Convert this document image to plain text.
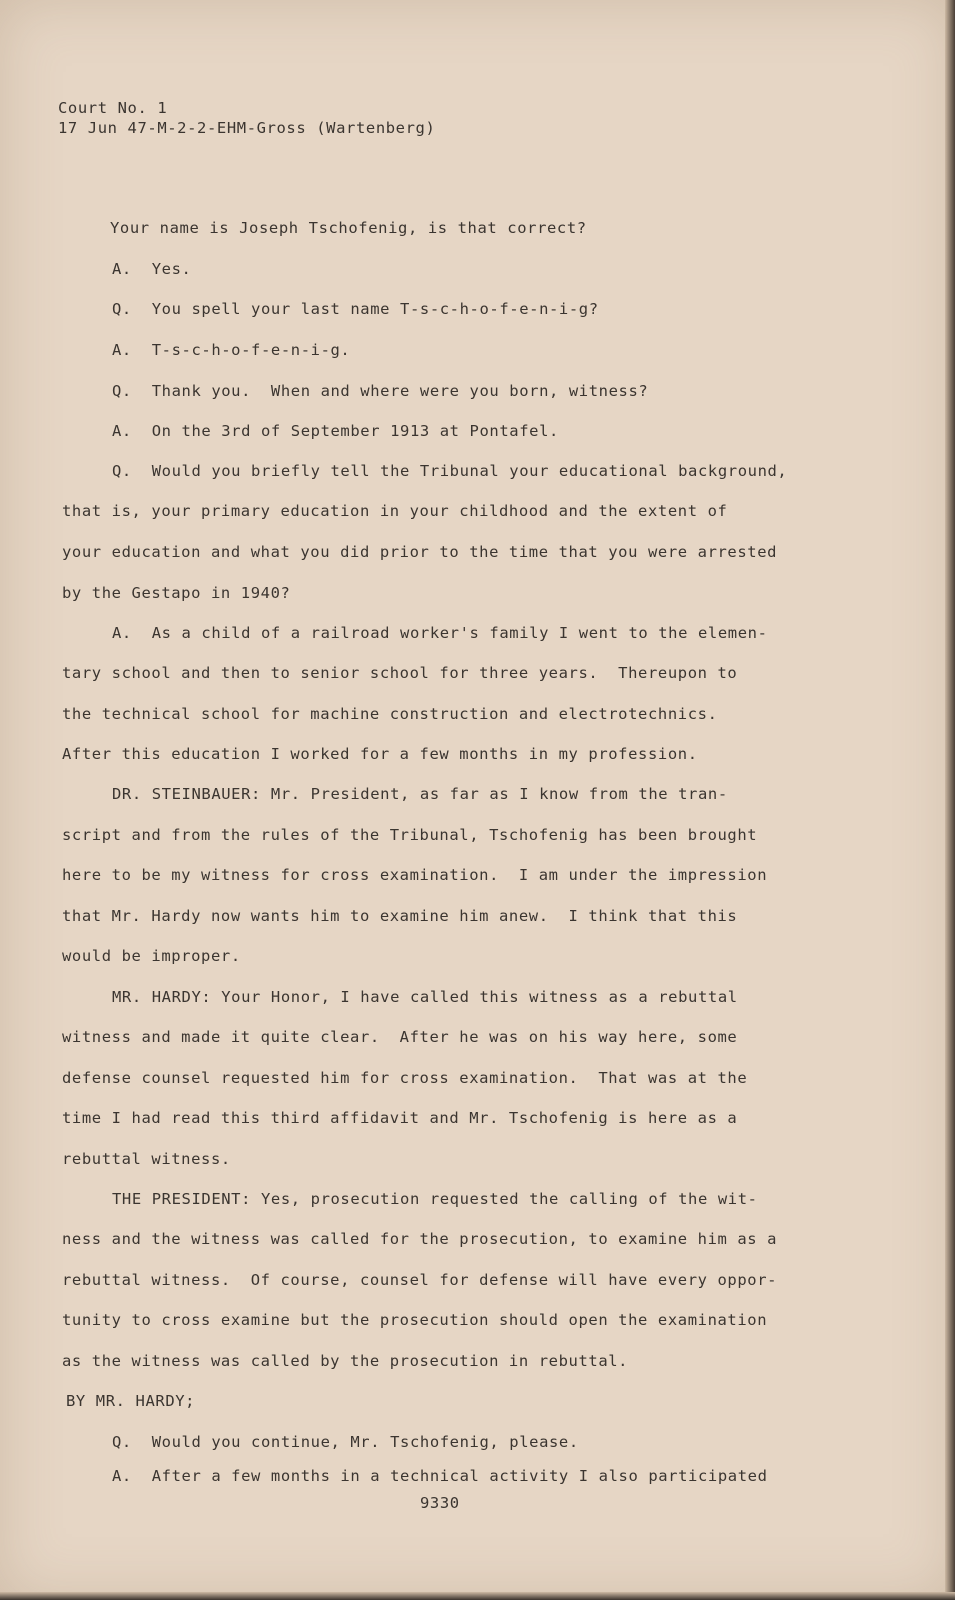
Court No. 1
17 Jun 47-M-2-2-EHM-Gross (Wartenberg)
Your name is Joseph Tschofenig, is that correct?
A.  Yes.
Q.  You spell your last name T-s-c-h-o-f-e-n-i-g?
A.  T-s-c-h-o-f-e-n-i-g.
Q.  Thank you.  When and where were you born, witness?
A.  On the 3rd of September 1913 at Pontafel.
Q.  Would you briefly tell the Tribunal your educational background,
that is, your primary education in your childhood and the extent of
your education and what you did prior to the time that you were arrested
by the Gestapo in 1940?
A.  As a child of a railroad worker's family I went to the elemen-
tary school and then to senior school for three years.  Thereupon to
the technical school for machine construction and electrotechnics.
After this education I worked for a few months in my profession.
DR. STEINBAUER: Mr. President, as far as I know from the tran-
script and from the rules of the Tribunal, Tschofenig has been brought
here to be my witness for cross examination.  I am under the impression
that Mr. Hardy now wants him to examine him anew.  I think that this
would be improper.
MR. HARDY: Your Honor, I have called this witness as a rebuttal
witness and made it quite clear.  After he was on his way here, some
defense counsel requested him for cross examination.  That was at the
time I had read this third affidavit and Mr. Tschofenig is here as a
rebuttal witness.
THE PRESIDENT: Yes, prosecution requested the calling of the wit-
ness and the witness was called for the prosecution, to examine him as a
rebuttal witness.  Of course, counsel for defense will have every oppor-
tunity to cross examine but the prosecution should open the examination
as the witness was called by the prosecution in rebuttal.
BY MR. HARDY;
Q.  Would you continue, Mr. Tschofenig, please.
A.  After a few months in a technical activity I also participated
9330
